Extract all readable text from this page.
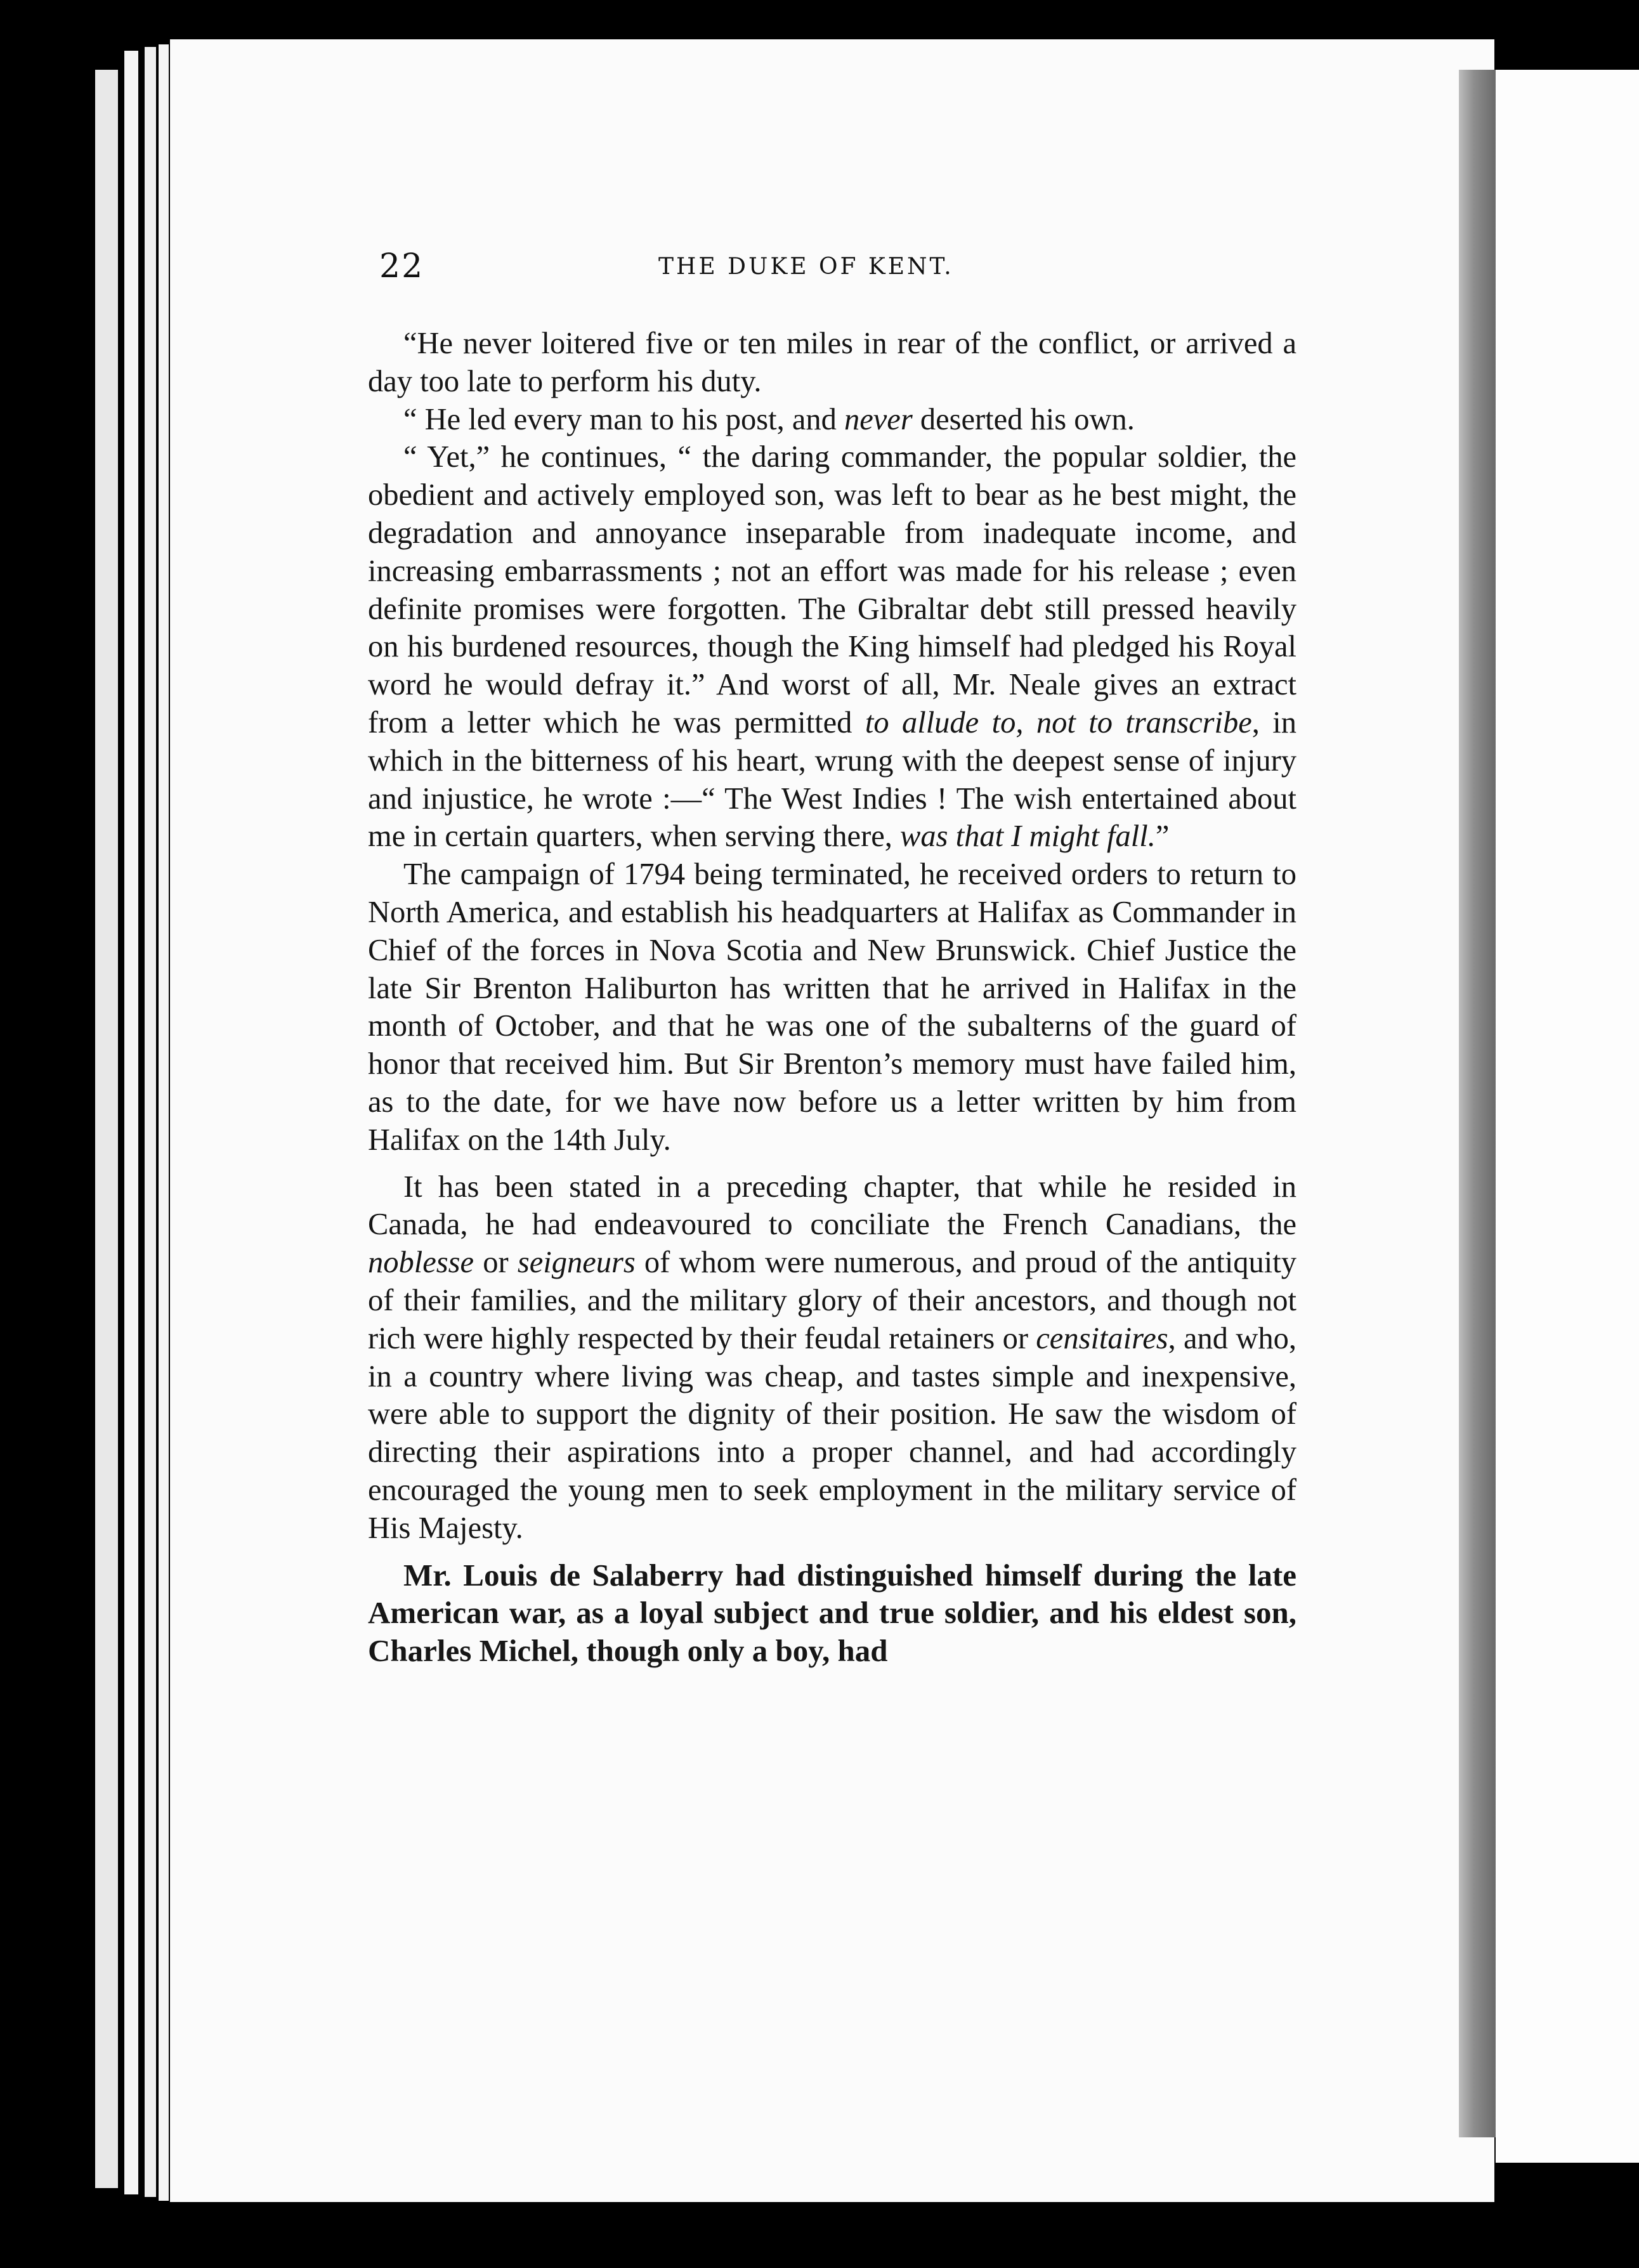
22	THE DUKE OF KENT.

“He never loitered five or ten miles in rear of the conflict, or arrived a day too late to perform his duty.

“ He led every man to his post, and never deserted his own.

“ Yet,” he continues, “ the daring commander, the popular soldier, the obedient and actively employed son, was left to bear as he best might, the degradation and annoyance inseparable from inadequate income, and increasing embarrassments ; not an effort was made for his release ; even definite promises were forgotten. The Gibraltar debt still pressed heavily on his burdened resources, though the King himself had pledged his Royal word he would defray it.” And worst of all, Mr. Neale gives an extract from a letter which he was permitted to allude to, not to transcribe, in which in the bitterness of his heart, wrung with the deepest sense of injury and injustice, he wrote :—“ The West Indies ! The wish entertained about me in certain quarters, when serving there, was that I might fall.”

The campaign of 1794 being terminated, he received orders to return to North America, and establish his headquarters at Halifax as Commander in Chief of the forces in Nova Scotia and New Brunswick. Chief Justice the late Sir Brenton Haliburton has written that he arrived in Halifax in the month of October, and that he was one of the subalterns of the guard of honor that received him. But Sir Brenton’s memory must have failed him, as to the date, for we have now before us a letter written by him from Halifax on the 14th July.

It has been stated in a preceding chapter, that while he resided in Canada, he had endeavoured to conciliate the French Canadians, the noblesse or seigneurs of whom were numerous, and proud of the antiquity of their families, and the military glory of their ancestors, and though not rich were highly respected by their feudal retainers or censitaires, and who, in a country where living was cheap, and tastes simple and inexpensive, were able to support the dignity of their position. He saw the wisdom of directing their aspirations into a proper channel, and had accordingly encouraged the young men to seek employment in the military service of His Majesty.

Mr. Louis de Salaberry had distinguished himself during the late American war, as a loyal subject and true soldier, and his eldest son, Charles Michel, though only a boy, had
